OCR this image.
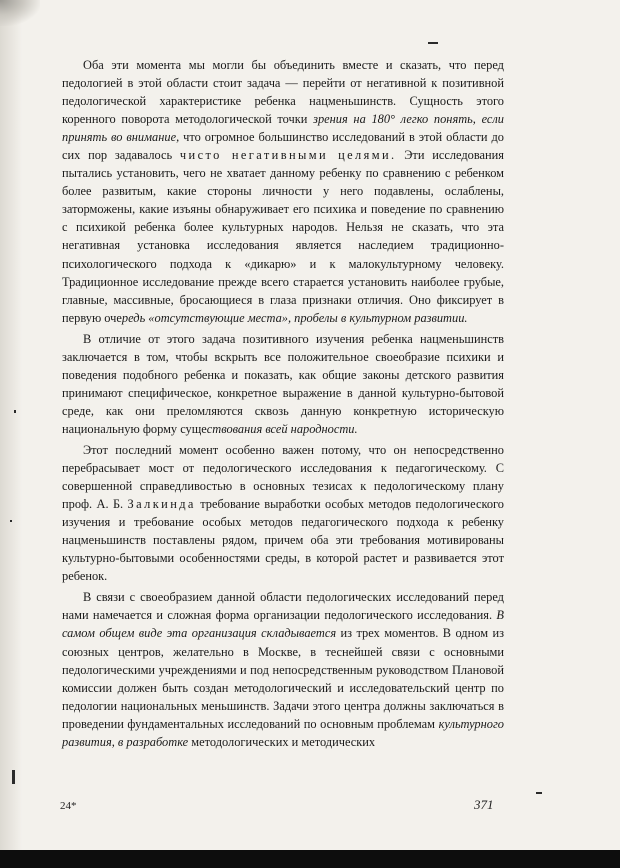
Оба эти момента мы могли бы объединить вместе и сказать, что перед педологией в этой области стоит задача — перейти от негативной к позитивной педологической характеристике ребенка нацменьшинств. Сущность этого коренного поворота методологической точки зрения на 180° легко понять, если принять во внимание, что огромное большинство исследований в этой области до сих пор задавалось чисто негативными целями. Эти исследования пытались установить, чего не хватает данному ребенку по сравнению с ребенком более развитым, какие стороны личности у него подавлены, ослаблены, заторможены, какие изъяны обнаруживает его психика и поведение по сравнению с психикой ребенка более культурных народов. Нельзя не сказать, что эта негативная установка исследования является наследием традиционно-психологического подхода к «дикарю» и к малокультурному человеку. Традиционное исследование прежде всего старается установить наиболее грубые, главные, массивные, бросающиеся в глаза признаки отличия. Оно фиксирует в первую очередь «отсутствующие места», пробелы в культурном развитии.

В отличие от этого задача позитивного изучения ребенка нацменьшинств заключается в том, чтобы вскрыть все положительное своеобразие психики и поведения подобного ребенка и показать, как общие законы детского развития принимают специфическое, конкретное выражение в данной культурно-бытовой среде, как они преломляются сквозь данную конкретную историческую национальную форму существования всей народности.

Этот последний момент особенно важен потому, что он непосредственно перебрасывает мост от педологического исследования к педагогическому. С совершенной справедливостью в основных тезисах к педологическому плану проф. А. Б. Залкинда требование выработки особых методов педологического изучения и требование особых методов педагогического подхода к ребенку нацменьшинств поставлены рядом, причем оба эти требования мотивированы культурно-бытовыми особенностями среды, в которой растет и развивается этот ребенок.

В связи с своеобразием данной области педологических исследований перед нами намечается и сложная форма организации педологического исследования. В самом общем виде эта организация складывается из трех моментов. В одном из союзных центров, желательно в Москве, в теснейшей связи с основными педологическими учреждениями и под непосредственным руководством Плановой комиссии должен быть создан методологический и исследовательский центр по педологии национальных меньшинств. Задачи этого центра должны заключаться в проведении фундаментальных исследований по основным проблемам культурного развития, в разработке методологических и методических

24*	371
